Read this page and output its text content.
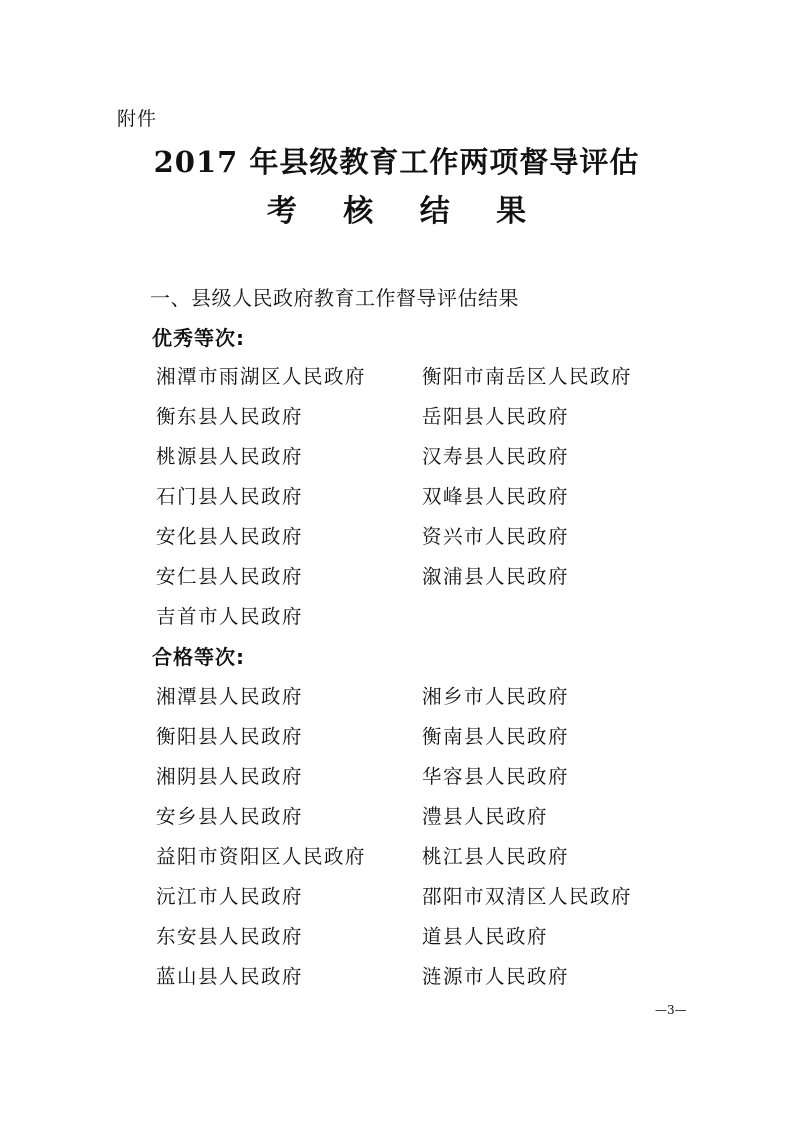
附件
2017 年县级教育工作两项督导评估
考 核 结 果
一、县级人民政府教育工作督导评估结果
优秀等次:
湘潭市雨湖区人民政府	衡阳市南岳区人民政府
衡东县人民政府	岳阳县人民政府
桃源县人民政府	汉寿县人民政府
石门县人民政府	双峰县人民政府
安化县人民政府	资兴市人民政府
安仁县人民政府	溆浦县人民政府
吉首市人民政府
合格等次:
湘潭县人民政府	湘乡市人民政府
衡阳县人民政府	衡南县人民政府
湘阴县人民政府	华容县人民政府
安乡县人民政府	澧县人民政府
益阳市资阳区人民政府	桃江县人民政府
沅江市人民政府	邵阳市双清区人民政府
东安县人民政府	道县人民政府
蓝山县人民政府	涟源市人民政府
—3—
